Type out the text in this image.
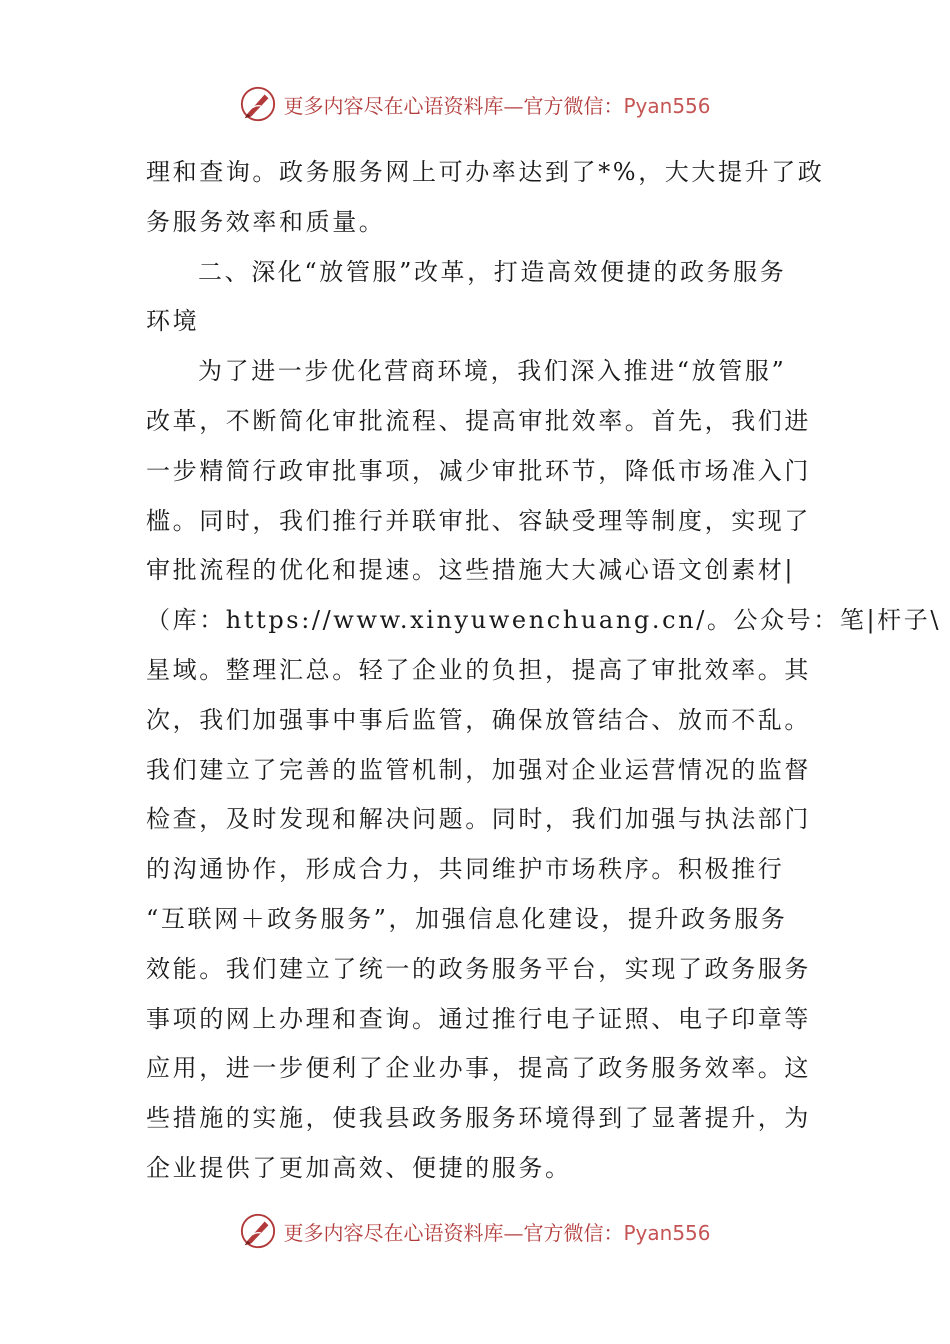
更多内容尽在心语资料库—官方微信：Pyan556
理和查询。政务服务网上可办率达到了*%，大大提升了政
务服务效率和质量。
二、深化“放管服”改革，打造高效便捷的政务服务
环境
为了进一步优化营商环境，我们深入推进“放管服”
改革，不断简化审批流程、提高审批效率。首先，我们进
一步精简行政审批事项，减少审批环节，降低市场准入门
槛。同时，我们推行并联审批、容缺受理等制度，实现了
审批流程的优化和提速。这些措施大大减心语文创素材|
（库：https://www.xinyuwenchuang.cn/。公众号：笔|杆子\
星域。整理汇总。轻了企业的负担，提高了审批效率。其
次，我们加强事中事后监管，确保放管结合、放而不乱。
我们建立了完善的监管机制，加强对企业运营情况的监督
检查，及时发现和解决问题。同时，我们加强与执法部门
的沟通协作，形成合力，共同维护市场秩序。积极推行
“互联网＋政务服务”，加强信息化建设，提升政务服务
效能。我们建立了统一的政务服务平台，实现了政务服务
事项的网上办理和查询。通过推行电子证照、电子印章等
应用，进一步便利了企业办事，提高了政务服务效率。这
些措施的实施，使我县政务服务环境得到了显著提升，为
企业提供了更加高效、便捷的服务。
更多内容尽在心语资料库—官方微信：Pyan556
